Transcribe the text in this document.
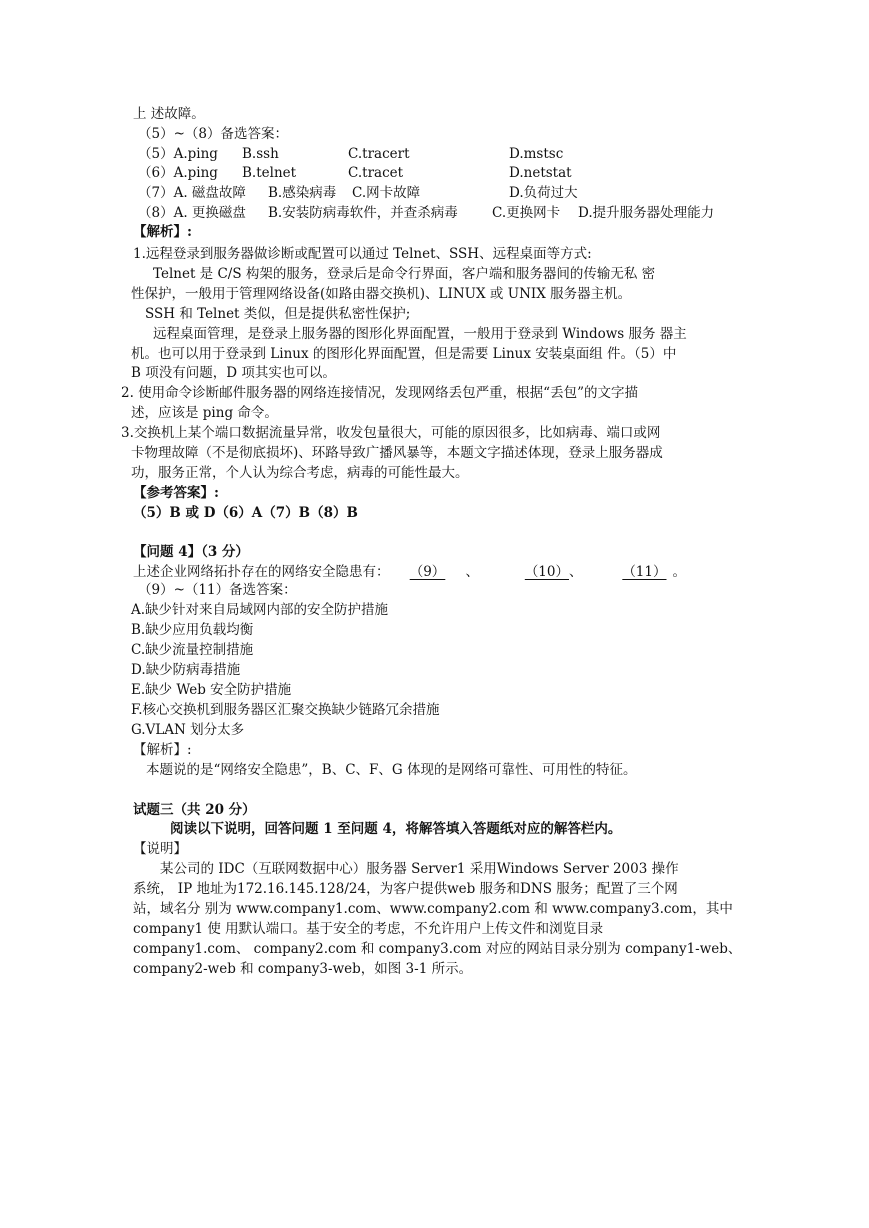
上 述故障。
（5）~（8）备选答案：
（5）A.ping B.ssh	C.tracert	D.mstsc
（6）A.ping B.telnet	C.tracet	D.netstat
（7）A. 磁盘故障 B.感染病毒 C.网卡故障	D.负荷过大
（8）A. 更换磁盘 B.安装防病毒软件，并查杀病毒	C.更换网卡 D.提升服务器处理能力
【解析】:
1.远程登录到服务器做诊断或配置可以通过 Telnet、SSH、远程桌面等方式:
Telnet 是 C/S 构架的服务，登录后是命令行界面，客户端和服务器间的传输无私 密
性保护，一般用于管理网络设备(如路由器交换机)、LINUX 或 UNIX 服务器主机。
SSH 和 Telnet 类似，但是提供私密性保护;
远程桌面管理，是登录上服务器的图形化界面配置，一般用于登录到 Windows 服务 器主
机。也可以用于登录到 Linux 的图形化界面配置，但是需要 Linux 安装桌面组 件。（5）中
B 项没有问题，D 项其实也可以。
2. 使用命令诊断邮件服务器的网络连接情况，发现网络丢包严重，根据“丢包”的文字描
述，应该是 ping 命令。
3.交换机上某个端口数据流量异常，收发包量很大，可能的原因很多，比如病毒、端口或网
卡物理故障（不是彻底损坏)、环路导致广播风暴等，本题文字描述体现，登录上服务器成
功，服务正常，个人认为综合考虑，病毒的可能性最大。
【参考答案】:
（5）B 或 D（6）A（7）B（8）B
【问题 4】（3 分）
上述企业网络拓扑存在的网络安全隐患有： （9） 、	（10）、	（11） 。
（9）~（11）备选答案：
A.缺少针对来自局域网内部的安全防护措施
B.缺少应用负载均衡
C.缺少流量控制措施
D.缺少防病毒措施
E.缺少 Web 安全防护措施
F.核心交换机到服务器区汇聚交换缺少链路冗余措施
G.VLAN 划分太多
【解析】:
本题说的是“网络安全隐患”，B、C、F、G 体现的是网络可靠性、可用性的特征。
试题三（共 20 分）
阅读以下说明，回答问题 1 至问题 4，将解答填入答题纸对应的解答栏内。
【说明】
某公司的 IDC（互联网数据中心）服务器 Server1 采用Windows Server 2003 操作
系统， IP 地址为172.16.145.128/24，为客户提供web 服务和DNS 服务；配置了三个网
站，域名分 别为 www.company1.com、www.company2.com 和 www.company3.com，其中
company1 使 用默认端口。基于安全的考虑，不允许用户上传文件和浏览目录
company1.com、 company2.com 和 company3.com 对应的网站目录分别为 company1-web、
company2-web 和 company3-web，如图 3-1 所示。
